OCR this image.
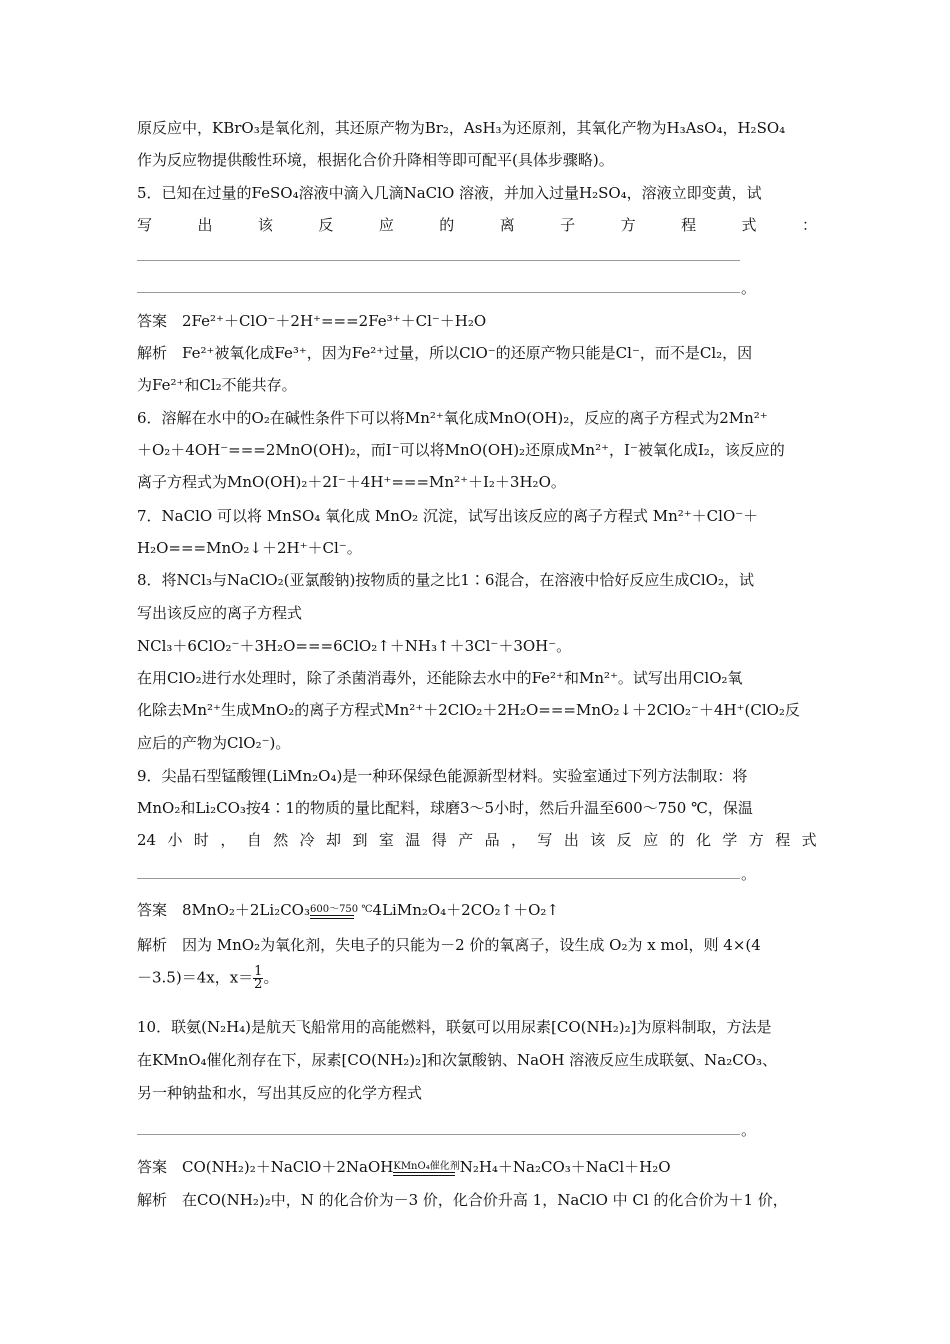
原反应中，KBrO₃是氧化剂，其还原产物为Br₂，AsH₃为还原剂，其氧化产物为H₃AsO₄，H₂SO₄
作为反应物提供酸性环境，根据化合价升降相等即可配平(具体步骤略)。
5．已知在过量的FeSO₄溶液中滴入几滴NaClO 溶液，并加入过量H₂SO₄，溶液立即变黄，试
写	出	该	反	应	的	离	子	方	程	式	：
。
答案　2Fe²⁺＋ClO⁻＋2H⁺===2Fe³⁺＋Cl⁻＋H₂O
解析　Fe²⁺被氧化成Fe³⁺，因为Fe²⁺过量，所以ClO⁻的还原产物只能是Cl⁻，而不是Cl₂，因
为Fe²⁺和Cl₂不能共存。
6．溶解在水中的O₂在碱性条件下可以将Mn²⁺氧化成MnO(OH)₂，反应的离子方程式为2Mn²⁺
＋O₂＋4OH⁻===2MnO(OH)₂，而I⁻可以将MnO(OH)₂还原成Mn²⁺，I⁻被氧化成I₂，该反应的
离子方程式为MnO(OH)₂＋2I⁻＋4H⁺===Mn²⁺＋I₂＋3H₂O。
7．NaClO 可以将 MnSO₄ 氧化成 MnO₂ 沉淀，试写出该反应的离子方程式 Mn²⁺＋ClO⁻＋
H₂O===MnO₂↓＋2H⁺＋Cl⁻。
8．将NCl₃与NaClO₂(亚氯酸钠)按物质的量之比1∶6混合，在溶液中恰好反应生成ClO₂，试
写出该反应的离子方程式
NCl₃＋6ClO₂⁻＋3H₂O===6ClO₂↑＋NH₃↑＋3Cl⁻＋3OH⁻。
在用ClO₂进行水处理时，除了杀菌消毒外，还能除去水中的Fe²⁺和Mn²⁺。试写出用ClO₂氧
化除去Mn²⁺生成MnO₂的离子方程式Mn²⁺＋2ClO₂＋2H₂O===MnO₂↓＋2ClO₂⁻＋4H⁺(ClO₂反
应后的产物为ClO₂⁻)。
9．尖晶石型锰酸锂(LiMn₂O₄)是一种环保绿色能源新型材料。实验室通过下列方法制取：将
MnO₂和Li₂CO₃按4∶1的物质的量比配料，球磨3～5小时，然后升温至600～750 ℃，保温
24 小 时 ， 自 然 冷 却 到 室 温 得 产 品 ， 写 出 该 反 应 的 化 学 方 程 式
。
答案　8MnO₂＋2Li₂CO₃ 600～750 ℃ 4LiMn₂O₄＋2CO₂↑＋O₂↑
解析　因为 MnO₂为氧化剂，失电子的只能为－2 价的氧离子，设生成 O₂为 x mol，则 4×(4
－3.5)＝4x，$x= \frac{1}{2}$ 。
10．联氨(N₂H₄)是航天飞船常用的高能燃料，联氨可以用尿素[CO(NH₂)₂]为原料制取，方法是
在KMnO₄催化剂存在下，尿素[CO(NH₂)₂]和次氯酸钠、NaOH 溶液反应生成联氨、Na₂CO₃、
另一种钠盐和水，写出其反应的化学方程式
。
答案　CO(NH₂)₂＋NaClO＋2NaOH KMnO₄催化剂 N₂H₄＋Na₂CO₃＋NaCl＋H₂O
解析　在CO(NH₂)₂中，N 的化合价为－3 价，化合价升高 1，NaClO 中 Cl 的化合价为＋1 价，
